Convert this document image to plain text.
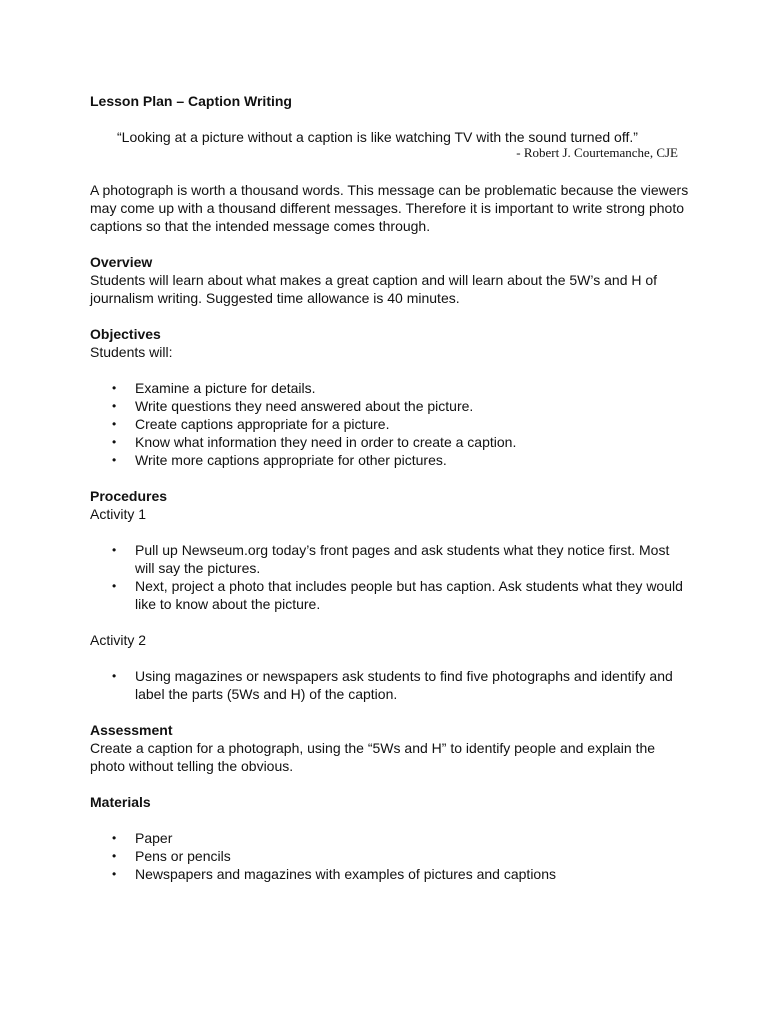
Lesson Plan – Caption Writing

“Looking at a picture without a caption is like watching TV with the sound turned off.”
- Robert J. Courtemanche, CJE

A photograph is worth a thousand words. This message can be problematic because the viewers may come up with a thousand different messages. Therefore it is important to write strong photo captions so that the intended message comes through.

Overview

Students will learn about what makes a great caption and will learn about the 5W’s and H of journalism writing. Suggested time allowance is 40 minutes.

Objectives

Students will:

• Examine a picture for details.
• Write questions they need answered about the picture.
• Create captions appropriate for a picture.
• Know what information they need in order to create a caption.
• Write more captions appropriate for other pictures.

Procedures

Activity 1

• Pull up Newseum.org today’s front pages and ask students what they notice first. Most will say the pictures.
• Next, project a photo that includes people but has caption. Ask students what they would like to know about the picture.

Activity 2

• Using magazines or newspapers ask students to find five photographs and identify and label the parts (5Ws and H) of the caption.

Assessment

Create a caption for a photograph, using the “5Ws and H” to identify people and explain the photo without telling the obvious.

Materials

• Paper
• Pens or pencils
• Newspapers and magazines with examples of pictures and captions
